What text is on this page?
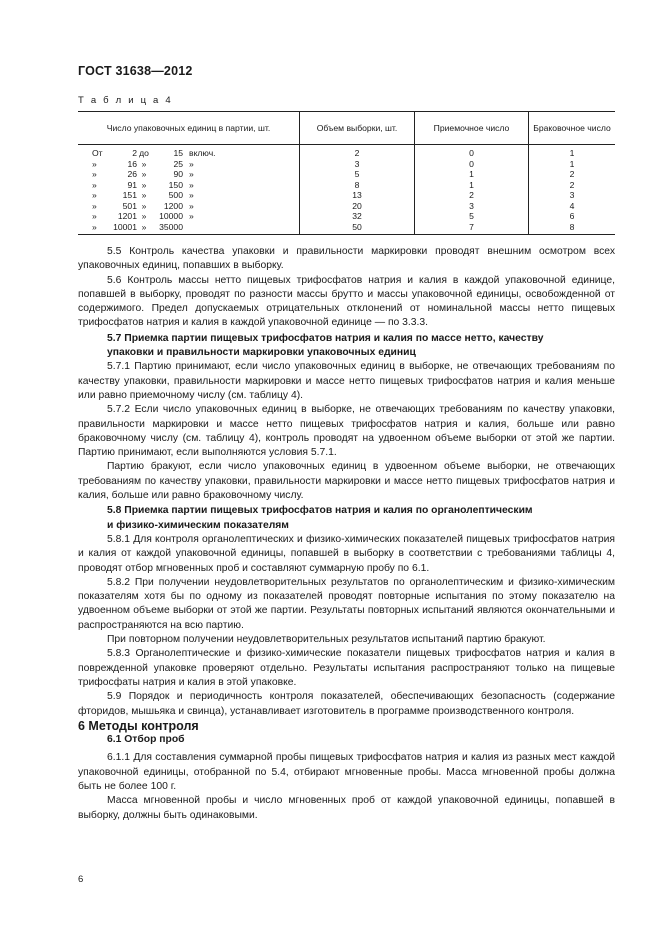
ГОСТ 31638—2012
Т а б л и ц а 4
Число упаковочных единиц в партии, шт.	Объем выборки, шт.	Приемочное число	Браковочное число
От 2 до 15 включ.	2	0	1
» 16 » 25 »	3	0	1
» 26 » 90 »	5	1	2
» 91 » 150 »	8	1	2
» 151 » 500 »	13	2	3
» 501 » 1200 »	20	3	4
» 1201 » 10000 »	32	5	6
» 10001 » 35000	50	7	8

5.5 Контроль качества упаковки и правильности маркировки проводят внешним осмотром всех упаковочных единиц, попавших в выборку.

5.6 Контроль массы нетто пищевых трифосфатов натрия и калия в каждой упаковочной единице, попавшей в выборку, проводят по разности массы брутто и массы упаковочной единицы, освобожденной от содержимого. Предел допускаемых отрицательных отклонений от номинальной массы нетто пищевых трифосфатов натрия и калия в каждой упаковочной единице — по 3.3.3.

5.7 Приемка партии пищевых трифосфатов натрия и калия по массе нетто, качеству

упаковки и правильности маркировки упаковочных единиц

5.7.1 Партию принимают, если число упаковочных единиц в выборке, не отвечающих требованиям по качеству упаковки, правильности маркировки и массе нетто пищевых трифосфатов натрия и калия меньше или равно приемочному числу (см. таблицу 4).

5.7.2 Если число упаковочных единиц в выборке, не отвечающих требованиям по качеству упаковки, правильности маркировки и массе нетто пищевых трифосфатов натрия и калия, больше или равно браковочному числу (см. таблицу 4), контроль проводят на удвоенном объеме выборки от этой же партии. Партию принимают, если выполняются условия 5.7.1.

Партию бракуют, если число упаковочных единиц в удвоенном объеме выборки, не отвечающих требованиям по качеству упаковки, правильности маркировки и массе нетто пищевых трифосфатов натрия и калия, больше или равно браковочному числу.

5.8 Приемка партии пищевых трифосфатов натрия и калия по органолептическим

и физико-химическим показателям

5.8.1 Для контроля органолептических и физико-химических показателей пищевых трифосфатов натрия и калия от каждой упаковочной единицы, попавшей в выборку в соответствии с требованиями таблицы 4, проводят отбор мгновенных проб и составляют суммарную пробу по 6.1.

5.8.2 При получении неудовлетворительных результатов по органолептическим и физико-химическим показателям хотя бы по одному из показателей проводят повторные испытания по этому показателю на удвоенном объеме выборки от этой же партии. Результаты повторных испытаний являются окончательными и распространяются на всю партию.

При повторном получении неудовлетворительных результатов испытаний партию бракуют.

5.8.3 Органолептические и физико-химические показатели пищевых трифосфатов натрия и калия в поврежденной упаковке проверяют отдельно. Результаты испытания распространяют только на пищевые трифосфаты натрия и калия в этой упаковке.

5.9 Порядок и периодичность контроля показателей, обеспечивающих безопасность (содержание фторидов, мышьяка и свинца), устанавливает изготовитель в программе производственного контроля.

6 Методы контроля

6.1 Отбор проб

6.1.1 Для составления суммарной пробы пищевых трифосфатов натрия и калия из разных мест каждой упаковочной единицы, отобранной по 5.4, отбирают мгновенные пробы. Масса мгновенной пробы должна быть не более 100 г.

Масса мгновенной пробы и число мгновенных проб от каждой упаковочной единицы, попавшей в выборку, должны быть одинаковыми.

6
